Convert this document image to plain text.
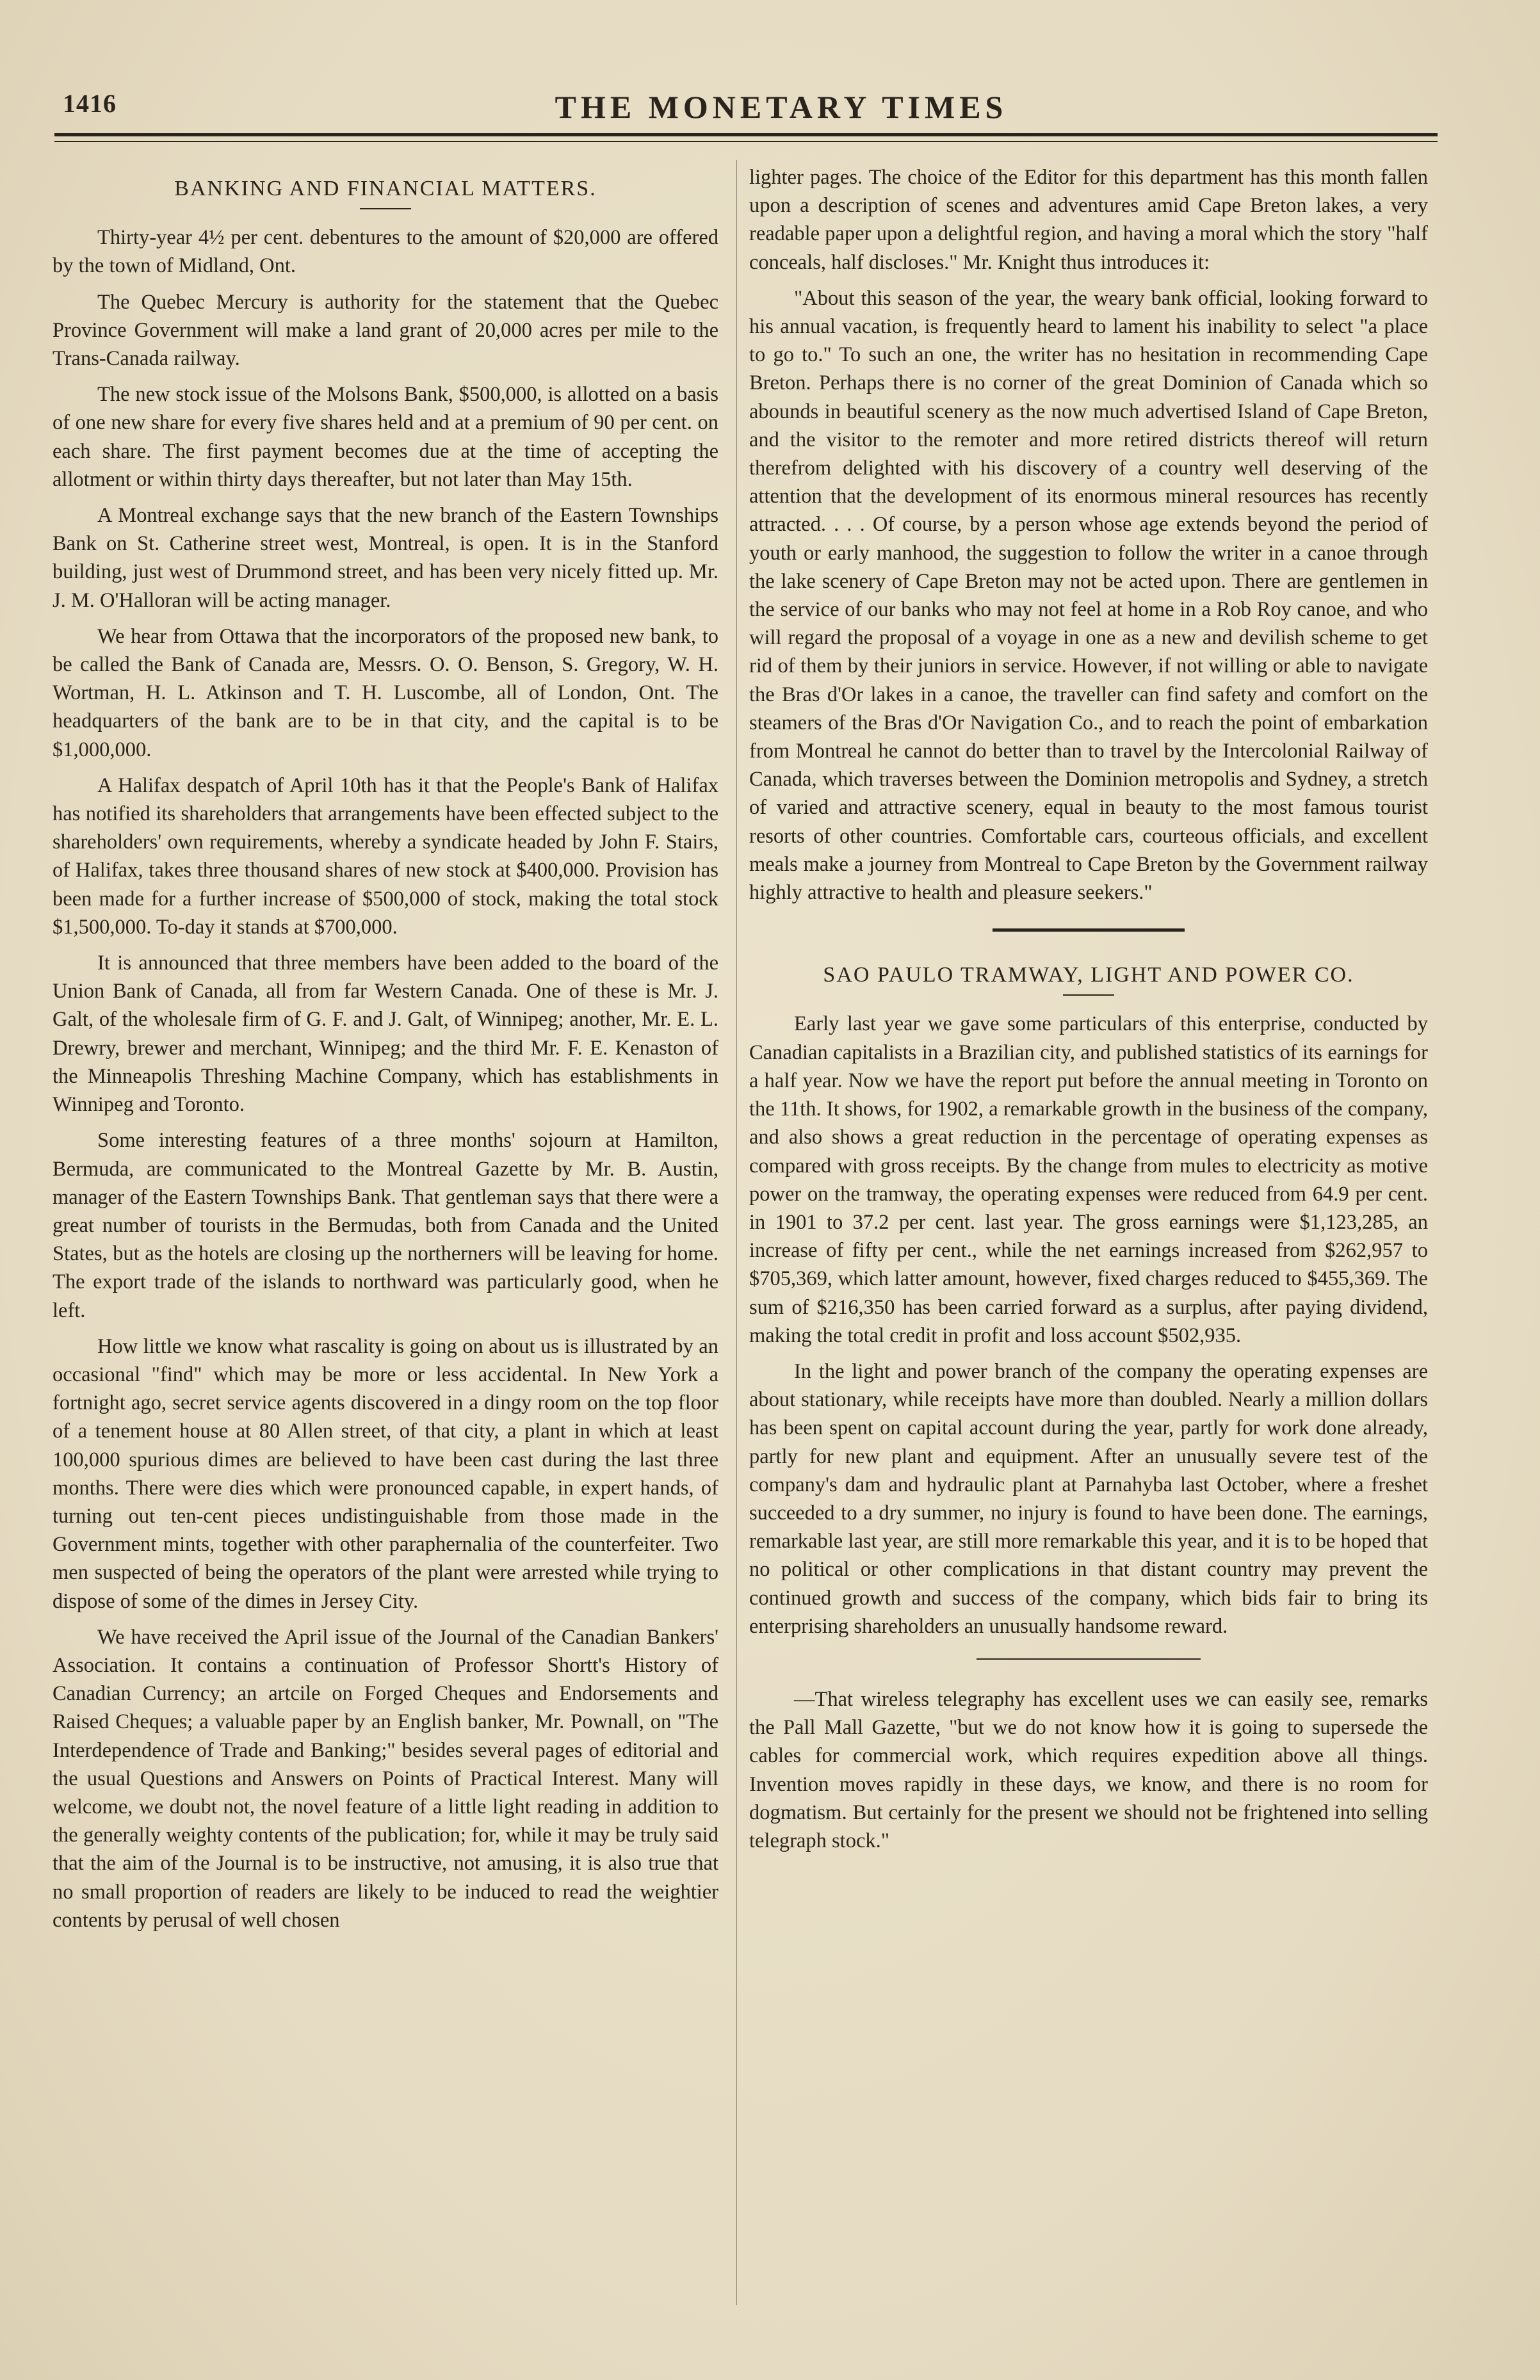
1416	THE MONETARY TIMES
BANKING AND FINANCIAL MATTERS.

Thirty-year 4½ per cent. debentures to the amount of $20,000 are offered by the town of Midland, Ont.

The Quebec Mercury is authority for the statement that the Quebec Province Government will make a land grant of 20,000 acres per mile to the Trans-Canada railway.

The new stock issue of the Molsons Bank, $500,000, is allotted on a basis of one new share for every five shares held and at a premium of 90 per cent. on each share. The first payment becomes due at the time of accepting the allotment or within thirty days thereafter, but not later than May 15th.

A Montreal exchange says that the new branch of the Eastern Townships Bank on St. Catherine street west, Montreal, is open. It is in the Stanford building, just west of Drummond street, and has been very nicely fitted up. Mr. J. M. O'Halloran will be acting manager.

We hear from Ottawa that the incorporators of the proposed new bank, to be called the Bank of Canada are, Messrs. O. O. Benson, S. Gregory, W. H. Wortman, H. L. Atkinson and T. H. Luscombe, all of London, Ont. The headquarters of the bank are to be in that city, and the capital is to be $1,000,000.

A Halifax despatch of April 10th has it that the People's Bank of Halifax has notified its shareholders that arrangements have been effected subject to the shareholders' own requirements, whereby a syndicate headed by John F. Stairs, of Halifax, takes three thousand shares of new stock at $400,000. Provision has been made for a further increase of $500,000 of stock, making the total stock $1,500,000. To-day it stands at $700,000.

It is announced that three members have been added to the board of the Union Bank of Canada, all from far Western Canada. One of these is Mr. J. Galt, of the wholesale firm of G. F. and J. Galt, of Winnipeg; another, Mr. E. L. Drewry, brewer and merchant, Winnipeg; and the third Mr. F. E. Kenaston of the Minneapolis Threshing Machine Company, which has establishments in Winnipeg and Toronto.

Some interesting features of a three months' sojourn at Hamilton, Bermuda, are communicated to the Montreal Gazette by Mr. B. Austin, manager of the Eastern Townships Bank. That gentleman says that there were a great number of tourists in the Bermudas, both from Canada and the United States, but as the hotels are closing up the northerners will be leaving for home. The export trade of the islands to northward was particularly good, when he left.

How little we know what rascality is going on about us is illustrated by an occasional "find" which may be more or less accidental. In New York a fortnight ago, secret service agents discovered in a dingy room on the top floor of a tenement house at 80 Allen street, of that city, a plant in which at least 100,000 spurious dimes are believed to have been cast during the last three months. There were dies which were pronounced capable, in expert hands, of turning out ten-cent pieces undistinguishable from those made in the Government mints, together with other paraphernalia of the counterfeiter. Two men suspected of being the operators of the plant were arrested while trying to dispose of some of the dimes in Jersey City.

We have received the April issue of the Journal of the Canadian Bankers' Association. It contains a continuation of Professor Shortt's History of Canadian Currency; an artcile on Forged Cheques and Endorsements and Raised Cheques; a valuable paper by an English banker, Mr. Pownall, on "The Interdependence of Trade and Banking;" besides several pages of editorial and the usual Questions and Answers on Points of Practical Interest. Many will welcome, we doubt not, the novel feature of a little light reading in addition to the generally weighty contents of the publication; for, while it may be truly said that the aim of the Journal is to be instructive, not amusing, it is also true that no small proportion of readers are likely to be induced to read the weightier contents by perusal of well chosen

lighter pages. The choice of the Editor for this department has this month fallen upon a description of scenes and adventures amid Cape Breton lakes, a very readable paper upon a delightful region, and having a moral which the story "half conceals, half discloses." Mr. Knight thus introduces it:

"About this season of the year, the weary bank official, looking forward to his annual vacation, is frequently heard to lament his inability to select "a place to go to." To such an one, the writer has no hesitation in recommending Cape Breton. Perhaps there is no corner of the great Dominion of Canada which so abounds in beautiful scenery as the now much advertised Island of Cape Breton, and the visitor to the remoter and more retired districts thereof will return therefrom delighted with his discovery of a country well deserving of the attention that the development of its enormous mineral resources has recently attracted. . . . Of course, by a person whose age extends beyond the period of youth or early manhood, the suggestion to follow the writer in a canoe through the lake scenery of Cape Breton may not be acted upon. There are gentlemen in the service of our banks who may not feel at home in a Rob Roy canoe, and who will regard the proposal of a voyage in one as a new and devilish scheme to get rid of them by their juniors in service. However, if not willing or able to navigate the Bras d'Or lakes in a canoe, the traveller can find safety and comfort on the steamers of the Bras d'Or Navigation Co., and to reach the point of embarkation from Montreal he cannot do better than to travel by the Intercolonial Railway of Canada, which traverses between the Dominion metropolis and Sydney, a stretch of varied and attractive scenery, equal in beauty to the most famous tourist resorts of other countries. Comfortable cars, courteous officials, and excellent meals make a journey from Montreal to Cape Breton by the Government railway highly attractive to health and pleasure seekers."

SAO PAULO TRAMWAY, LIGHT AND POWER CO.

Early last year we gave some particulars of this enterprise, conducted by Canadian capitalists in a Brazilian city, and published statistics of its earnings for a half year. Now we have the report put before the annual meeting in Toronto on the 11th. It shows, for 1902, a remarkable growth in the business of the company, and also shows a great reduction in the percentage of operating expenses as compared with gross receipts. By the change from mules to electricity as motive power on the tramway, the operating expenses were reduced from 64.9 per cent. in 1901 to 37.2 per cent. last year. The gross earnings were $1,123,285, an increase of fifty per cent., while the net earnings increased from $262,957 to $705,369, which latter amount, however, fixed charges reduced to $455,369. The sum of $216,350 has been carried forward as a surplus, after paying dividend, making the total credit in profit and loss account $502,935.

In the light and power branch of the company the operating expenses are about stationary, while receipts have more than doubled. Nearly a million dollars has been spent on capital account during the year, partly for work done already, partly for new plant and equipment. After an unusually severe test of the company's dam and hydraulic plant at Parnahyba last October, where a freshet succeeded to a dry summer, no injury is found to have been done. The earnings, remarkable last year, are still more remarkable this year, and it is to be hoped that no political or other complications in that distant country may prevent the continued growth and success of the company, which bids fair to bring its enterprising shareholders an unusually handsome reward.

—That wireless telegraphy has excellent uses we can easily see, remarks the Pall Mall Gazette, "but we do not know how it is going to supersede the cables for commercial work, which requires expedition above all things. Invention moves rapidly in these days, we know, and there is no room for dogmatism. But certainly for the present we should not be frightened into selling telegraph stock."
